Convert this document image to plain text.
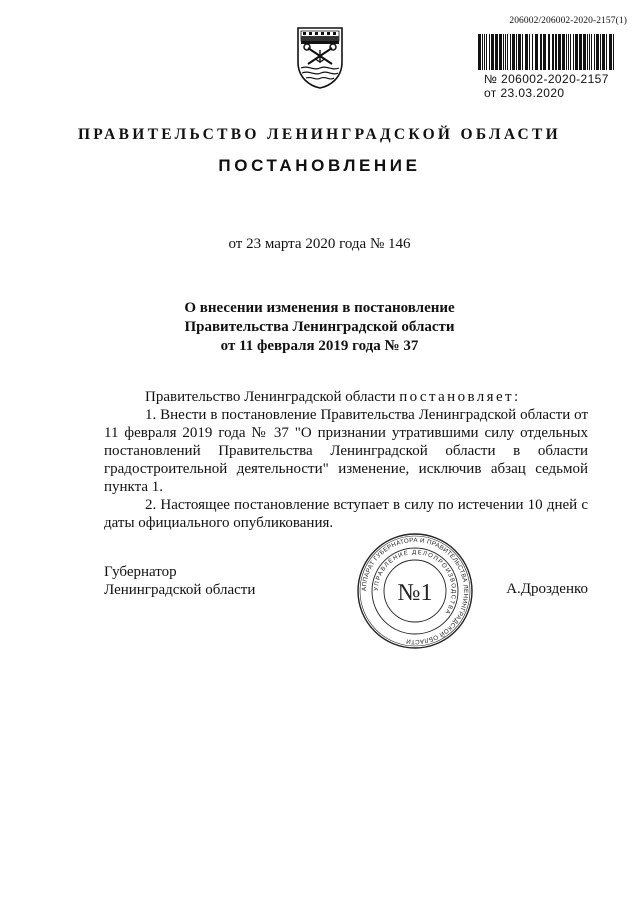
206002/206002-2020-2157(1)
№ 206002-2020-2157
от 23.03.2020
ПРАВИТЕЛЬСТВО ЛЕНИНГРАДСКОЙ ОБЛАСТИ
ПОСТАНОВЛЕНИЕ
от 23 марта 2020 года № 146
О внесении изменения в постановление
Правительства Ленинградской области
от 11 февраля 2019 года № 37

Правительство Ленинградской области постановляет:

1. Внести в постановление Правительства Ленинградской области от 11 февраля 2019 года № 37 "О признании утратившими силу отдельных постановлений Правительства Ленинградской области в области градостроительной деятельности" изменение, исключив абзац седьмой пункта 1.

2. Настоящее постановление вступает в силу по истечении 10 дней с даты официального опубликования.

Губернатор
Ленинградской области	А.Дрозденко
АППАРАТ ГУБЕРНАТОРА И ПРАВИТЕЛЬСТВА ЛЕНИНГРАДСКОЙ ОБЛАСТИ
УПРАВЛЕНИЕ ДЕЛОПРОИЗВОДСТВА
№1
